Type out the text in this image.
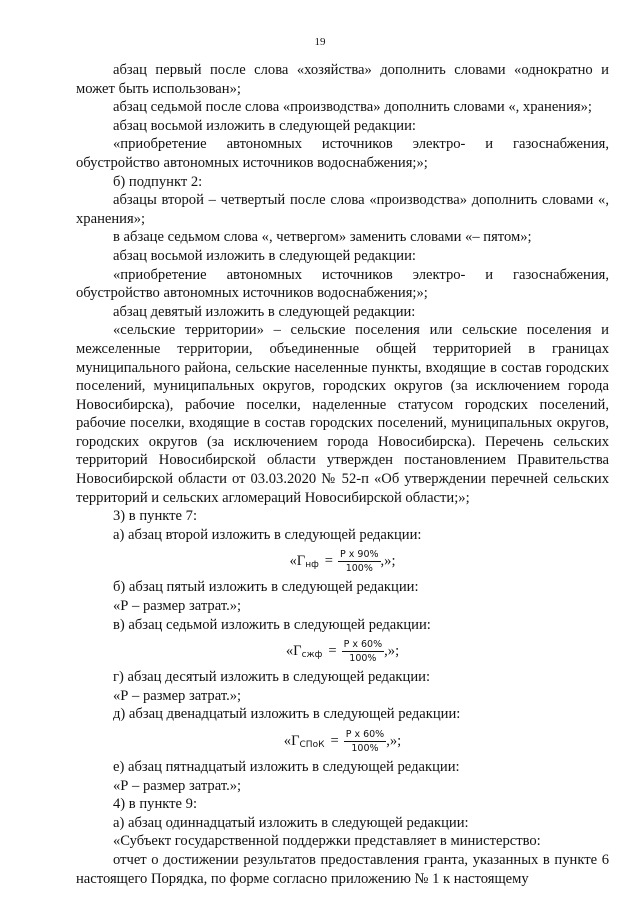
19

абзац первый после слова «хозяйства» дополнить словами «однократно и может быть использован»;

абзац седьмой после слова «производства» дополнить словами «, хранения»;

абзац восьмой изложить в следующей редакции:

«приобретение автономных источников электро- и газоснабжения, обустройство автономных источников водоснабжения;»;

б) подпункт 2:

абзацы второй – четвертый после слова «производства» дополнить словами «, хранения»;

в абзаце седьмом слова «, четвергом» заменить словами «– пятом»;

абзац восьмой изложить в следующей редакции:

«приобретение автономных источников электро- и газоснабжения, обустройство автономных источников водоснабжения;»;

абзац девятый изложить в следующей редакции:

«сельские территории» – сельские поселения или сельские поселения и межселенные территории, объединенные общей территорией в границах муниципального района, сельские населенные пункты, входящие в состав городских поселений, муниципальных округов, городских округов (за исключением города Новосибирска), рабочие поселки, наделенные статусом городских поселений, рабочие поселки, входящие в состав городских поселений, муниципальных округов, городских округов (за исключением города Новосибирска). Перечень сельских территорий Новосибирской области утвержден постановлением Правительства Новосибирской области от 03.03.2020 № 52-п «Об утверждении перечней сельских территорий и сельских агломераций Новосибирской области;»;

3) в пункте 7:

а) абзац второй изложить в следующей редакции:

«Г нф = $\frac{\text{P x 90\%}}{100\%}$ ,»;

б) абзац пятый изложить в следующей редакции:

«Р – размер затрат.»;

в) абзац седьмой изложить в следующей редакции:

«Г сжф = $\frac{\text{P x 60\%}}{100\%}$ ,»;

г) абзац десятый изложить в следующей редакции:

«Р – размер затрат.»;

д) абзац двенадцатый изложить в следующей редакции:

«Г СПоК = $\frac{\text{P x 60\%}}{100\%}$ ,»;

е) абзац пятнадцатый изложить в следующей редакции:

«Р – размер затрат.»;

4) в пункте 9:

а) абзац одиннадцатый изложить в следующей редакции:

«Субъект государственной поддержки представляет в министерство:

отчет о достижении результатов предоставления гранта, указанных в пункте 6 настоящего Порядка, по форме согласно приложению № 1 к настоящему
